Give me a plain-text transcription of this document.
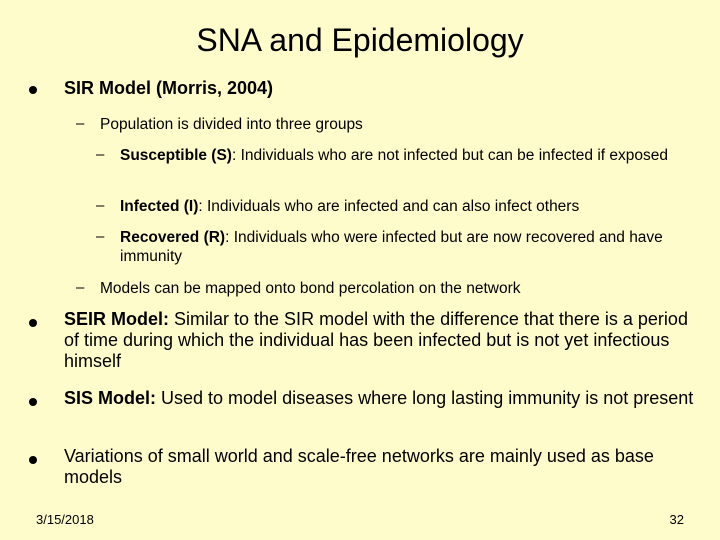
SNA and Epidemiology
SIR Model (Morris, 2004)
– Population is divided into three groups
– Susceptible (S): Individuals who are not infected but can be infected if exposed
– Infected (I): Individuals who are infected and can also infect others
– Recovered (R): Individuals who were infected but are now recovered and have immunity
– Models can be mapped onto bond percolation on the network
SEIR Model: Similar to the SIR model with the difference that there is a period of time during which the individual has been infected but is not yet infectious himself
SIS Model: Used to model diseases where long lasting immunity is not present
Variations of small world and scale-free networks are mainly used as base models
3/15/2018	32
